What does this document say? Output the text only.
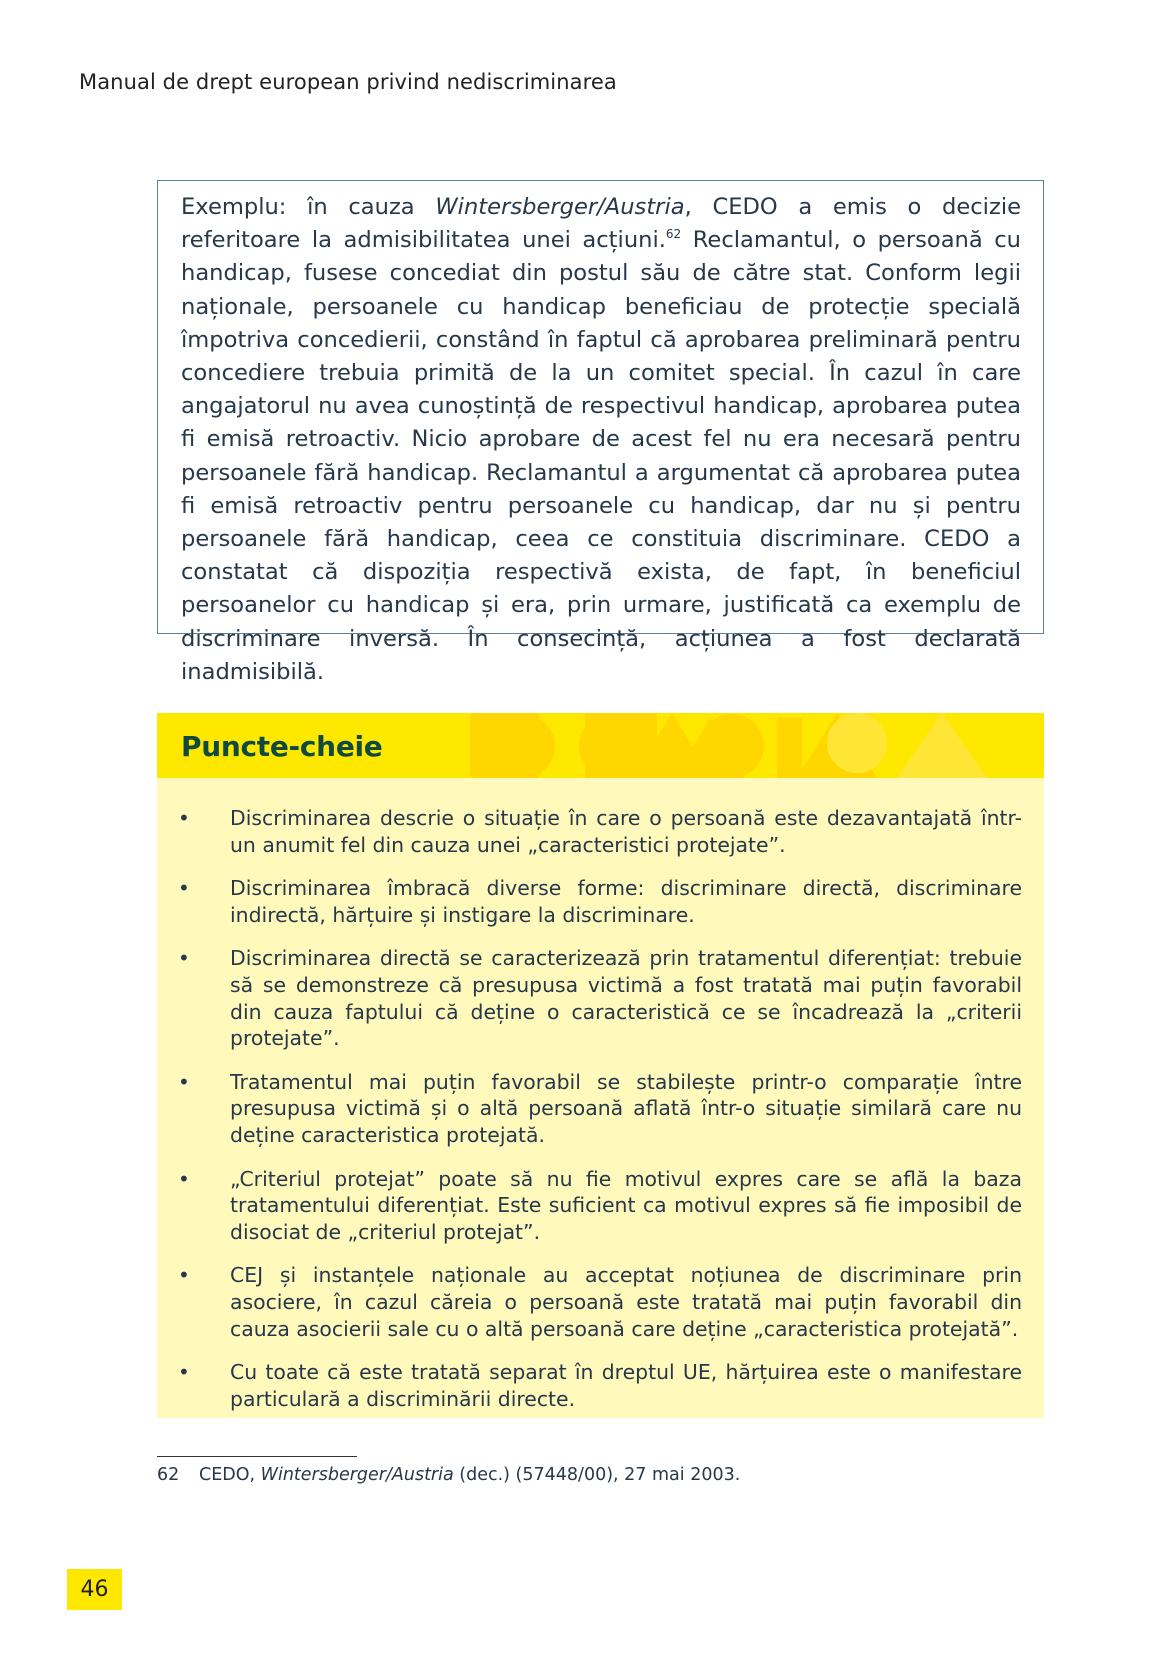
Manual de drept european privind nediscriminarea

Exemplu: în cauza Wintersberger/Austria, CEDO a emis o decizie referitoare la admisibilitatea unei acțiuni.$^{62}$ Reclamantul, o persoană cu handicap, fusese concediat din postul său de către stat. Conform legii naționale, persoanele cu handicap beneficiau de protecție specială împotriva concedierii, constând în faptul că aprobarea preliminară pentru concediere trebuia primită de la un comitet special. În cazul în care angajatorul nu avea cunoștință de respectivul handicap, aprobarea putea fi emisă retroactiv. Nicio aprobare de acest fel nu era necesară pentru persoanele fără handicap. Reclamantul a argumentat că aprobarea putea fi emisă retroactiv pentru persoanele cu handicap, dar nu și pentru persoanele fără handicap, ceea ce constituia discriminare. CEDO a constatat că dispoziția respectivă exista, de fapt, în beneficiul persoanelor cu handicap și era, prin urmare, justificată ca exemplu de discriminare inversă. În consecință, acțiunea a fost declarată inadmisibilă.

Puncte-cheie
• Discriminarea descrie o situație în care o persoană este dezavantajată într-un anumit fel din cauza unei „caracteristici protejate”.
• Discriminarea îmbracă diverse forme: discriminare directă, discriminare indirectă, hărțuire și instigare la discriminare.
• Discriminarea directă se caracterizează prin tratamentul diferențiat: trebuie să se demonstreze că presupusa victimă a fost tratată mai puțin favorabil din cauza faptului că deține o caracteristică ce se încadrează la „criterii protejate”.
• Tratamentul mai puțin favorabil se stabilește printr-o comparație între presupusa victimă și o altă persoană aflată într-o situație similară care nu deține caracteristica protejată.
• „Criteriul protejat” poate să nu fie motivul expres care se află la baza tratamentului diferențiat. Este suficient ca motivul expres să fie imposibil de disociat de „criteriul protejat”.
• CEJ și instanțele naționale au acceptat noțiunea de discriminare prin asociere, în cazul căreia o persoană este tratată mai puțin favorabil din cauza asocierii sale cu o altă persoană care deține „caracteristica protejată”.
• Cu toate că este tratată separat în dreptul UE, hărțuirea este o manifestare particulară a discriminării directe.
62 CEDO, Wintersberger/Austria (dec.) (57448/00), 27 mai 2003.
46
